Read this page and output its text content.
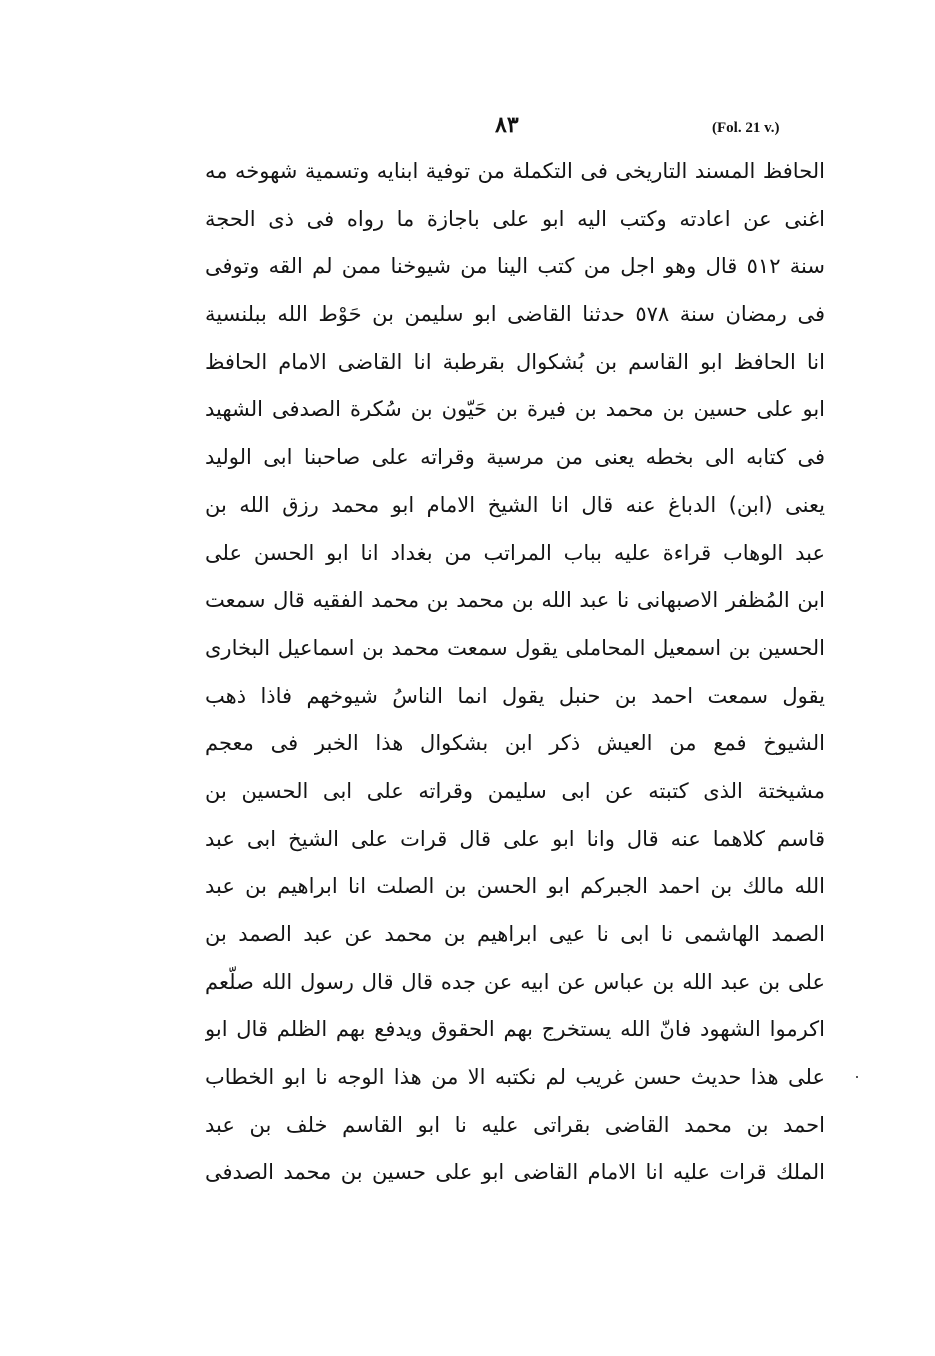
٨٣	(Fol. 21 v.)
الحافظ المسند التاريخى فى التكملة من توفية ابنايه وتسمية شهوخه مه
اغنى عن اعادته وكتب اليه ابو على باجازة ما رواه فى ذى الحجة
سنة ٥١٢ قال وهو اجل من كتب الينا من شيوخنا ممن لم القه وتوفى
فى رمضان سنة ٥٧٨ حدثنا القاضى ابو سليمن بن حَوْط الله ببلنسية
انا الحافظ ابو القاسم بن بُشكوال بقرطبة انا القاضى الامام الحافظ
ابو على حسين بن محمد بن فيرة بن حَيّون بن سُكرة الصدفى الشهيد
فى كتابه الى بخطه يعنى من مرسية وقراته على صاحبنا ابى الوليد
يعنى (ابن) الدباغ عنه قال انا الشيخ الامام ابو محمد رزق الله بن
عبد الوهاب قراءة عليه بباب المراتب من بغداد انا ابو الحسن على
ابن المُظفر الاصبهانى نا عبد الله بن محمد بن محمد الفقيه قال سمعت
الحسين بن اسمعيل المحاملى يقول سمعت محمد بن اسماعيل البخارى
يقول سمعت احمد بن حنبل يقول انما الناسُ شيوخهم فاذا ذهب
الشيوخ فمع من العيش ذكر ابن بشكوال هذا الخبر فى معجم
مشيختة الذى كتبته عن ابى سليمن وقراته على ابى الحسين بن
قاسم كلاهما عنه قال وانا ابو على قال قرات على الشيخ ابى عبد
الله مالك بن احمد الجبركم ابو الحسن بن الصلت انا ابراهيم بن عبد
الصمد الهاشمى نا ابى نا عيى ابراهيم بن محمد عن عبد الصمد بن
على بن عبد الله بن عباس عن ابيه عن جده قال قال رسول الله صلّعم
اكرموا الشهود فانّ الله يستخرج بهم الحقوق ويدفع بهم الظلم قال ابو
على هذا حديث حسن غريب لم نكتبه الا من هذا الوجه نا ابو الخطاب
احمد بن محمد القاضى بقراتى عليه نا ابو القاسم خلف بن عبد
الملك قرات عليه انا الامام القاضى ابو على حسين بن محمد الصدفى
